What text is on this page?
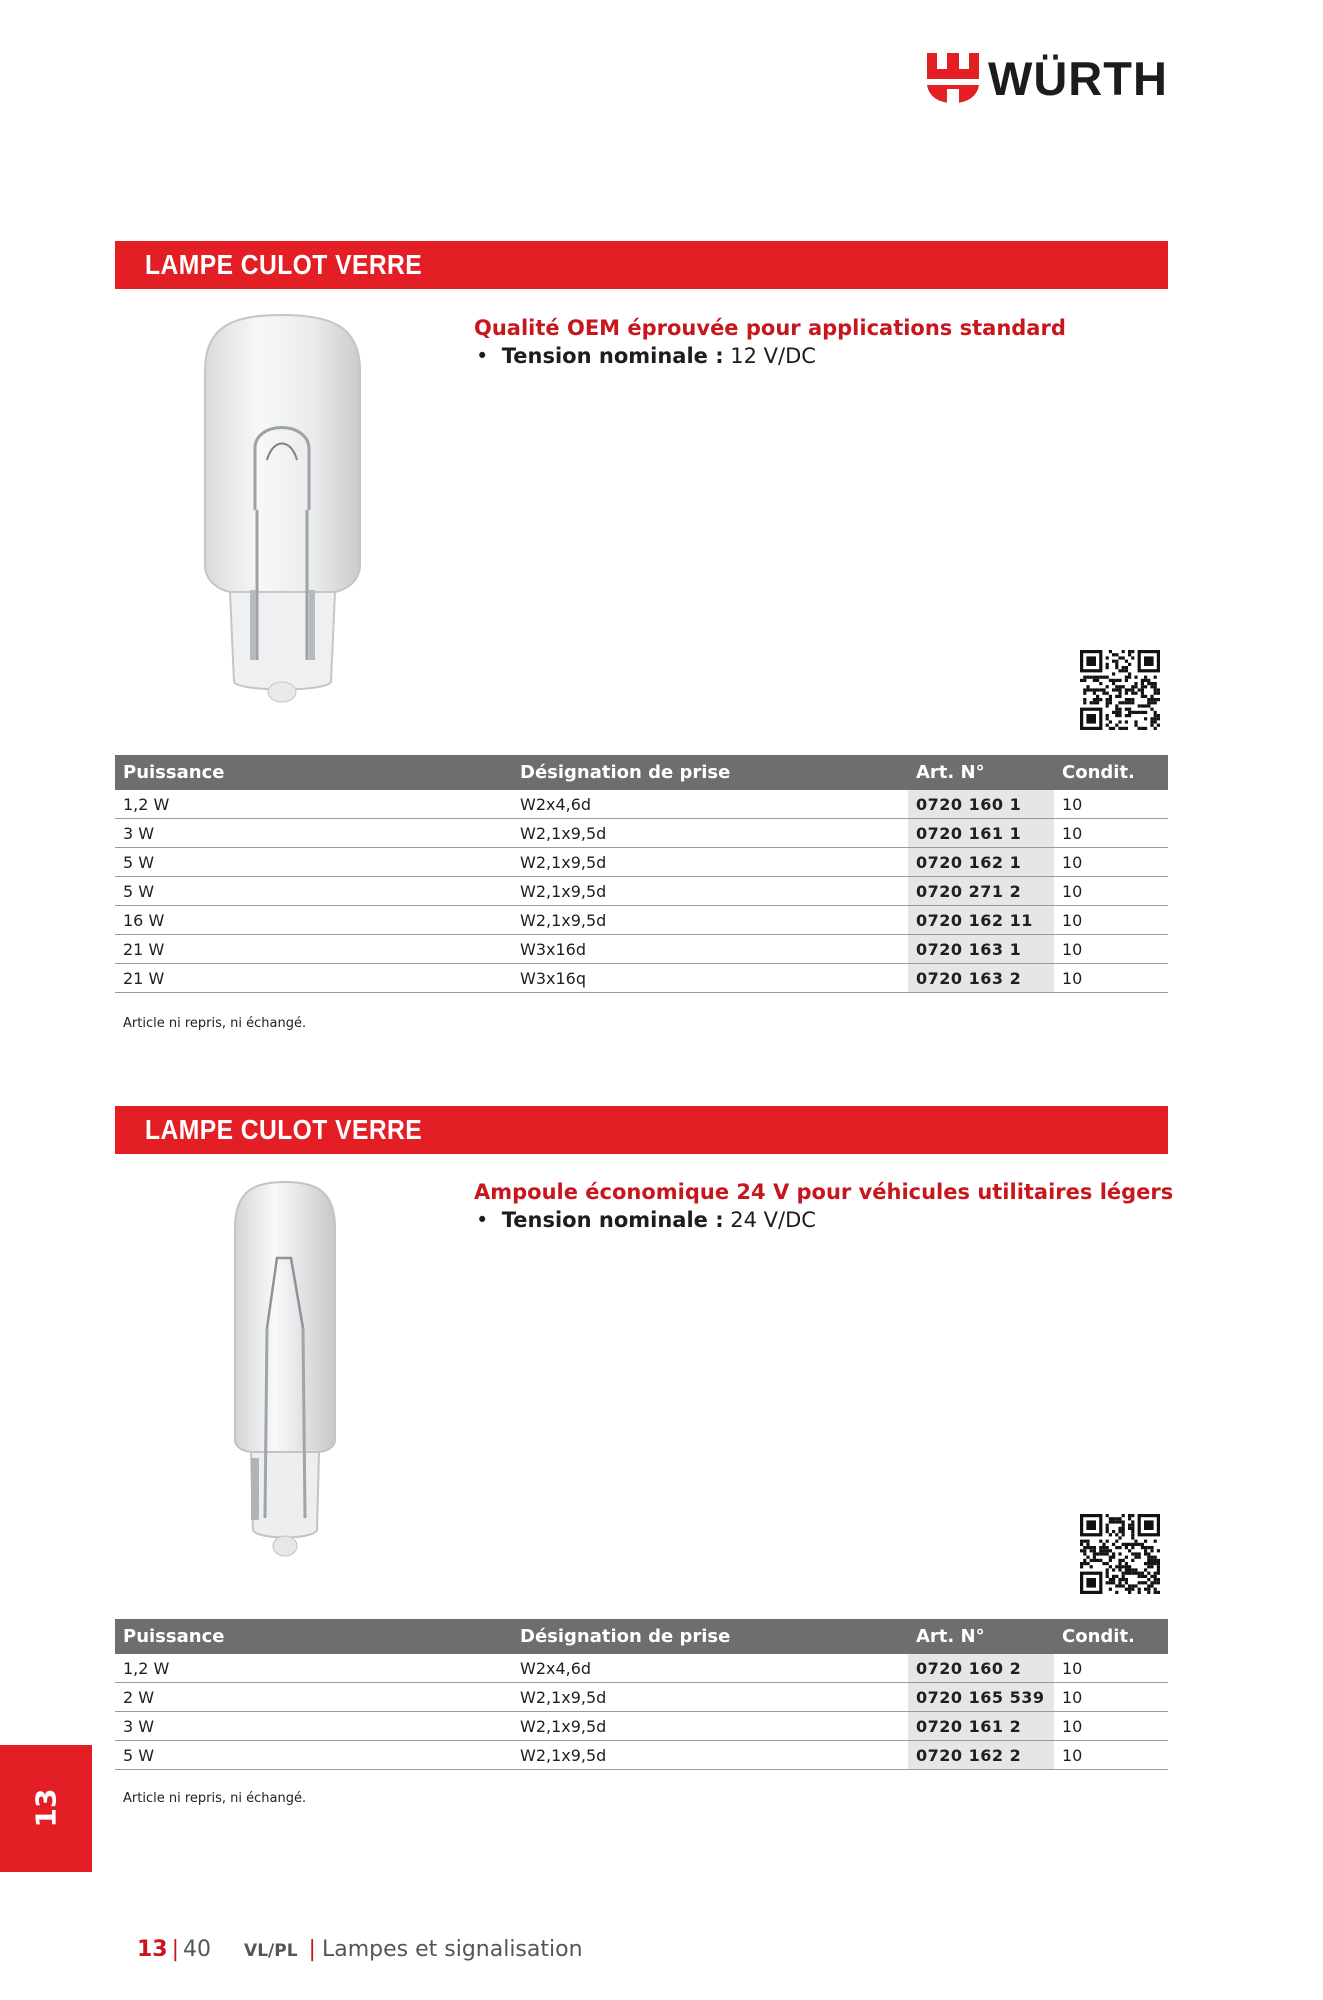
WÜRTH
LAMPE CULOT VERRE
Qualité OEM éprouvée pour applications standard
•  Tension nominale : 12 V/DC
Puissance	Désignation de prise	Art. N°	Condit.
1,2 W	W2x4,6d	0720 160 1	10
3 W	W2,1x9,5d	0720 161 1	10
5 W	W2,1x9,5d	0720 162 1	10
5 W	W2,1x9,5d	0720 271 2	10
16 W	W2,1x9,5d	0720 162 11	10
21 W	W3x16d	0720 163 1	10
21 W	W3x16q	0720 163 2	10
Article ni repris, ni échangé.
LAMPE CULOT VERRE
Ampoule économique 24 V pour véhicules utilitaires légers
•  Tension nominale : 24 V/DC
Puissance	Désignation de prise	Art. N°	Condit.
1,2 W	W2x4,6d	0720 160 2	10
2 W	W2,1x9,5d	0720 165 539	10
3 W	W2,1x9,5d	0720 161 2	10
5 W	W2,1x9,5d	0720 162 2	10
Article ni repris, ni échangé.
13
13 | 40 VL/PL | Lampes et signalisation
